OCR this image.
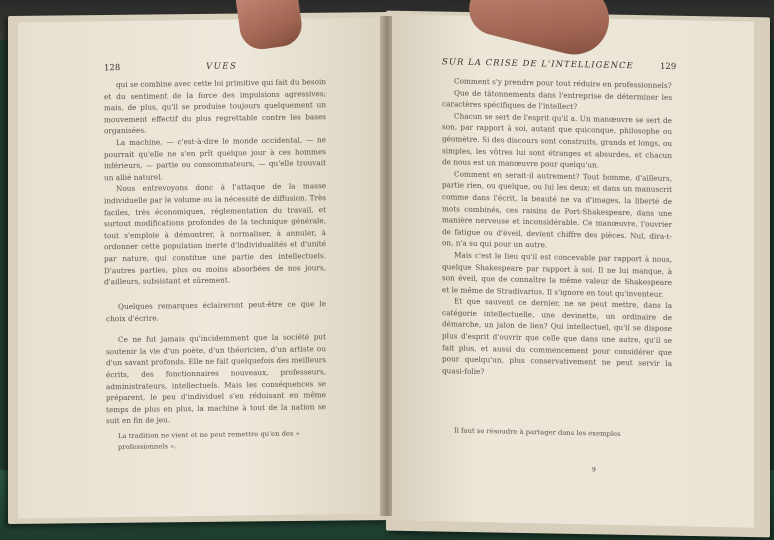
128	VUES

qui se combine avec cette loi primitive qui fait du besoin et du sentiment de la force des impulsions agressives; mais, de plus, qu'il se produise toujours quelquement un mouvement effectif du plus regrettable contre les bases organisées.

La machine, — c'est-à-dire le monde occidental, — ne pourrait qu'elle ne s'en prît quelque jour à ces hommes inférieurs, — partie ou consommateurs, — qu'elle trouvait un allié naturel.

Nous entrevoyons donc à l'attaque de la masse individuelle par le volume ou la nécessité de diffusion. Très faciles, très économiques, réglementation du travail, et surtout modifications profondes de la technique générale, tout s'emploie à démontrer, à normaliser, à annuler, à ordonner cette population inerte d'individualités et d'unité par nature, qui constitue une partie des intellectuels. D'autres parties, plus ou moins absorbées de nos jours, d'ailleurs, subsistant et sûrement.

Quelques remarques éclaireront peut-être ce que le choix d'écrire.

Ce ne fut jamais qu'incidemment que la société put soutenir la vie d'un poète, d'un théoricien, d'un artiste ou d'un savant profonds. Elle ne fait quelquefois des meilleurs écrits, des fonctionnaires nouveaux, professeurs, administrateurs, intellectuels. Mais les conséquences se préparent, le peu d'individuel s'en réduisant en même temps de plus en plus, la machine à tout de la nation se suit en fin de jeu.

La tradition ne vient et ne peut remettre qu'en des « professionnels ».
SUR LA CRISE DE L'INTELLIGENCE	129

Comment s'y prendre pour tout réduire en professionnels?

Que de tâtonnements dans l'entreprise de déterminer les caractères spécifiques de l'intellect?

Chacun se sert de l'esprit qu'il a. Un manœuvre se sert de son, par rapport à soi, autant que quiconque, philosophe ou géomètre. Si des discours sont construits, grands et longs, ou simples, les vôtres lui sont étranges et absurdes, et chacun de nous est un manœuvre pour quelqu'un.

Comment en serait-il autrement? Tout homme, d'ailleurs, partie rien, ou quelque, ou lui les deux; et dans un manuscrit comme dans l'écrit, la beauté ne va d'images, la liberté de mots combinés, ces raisins de Port-Shakespeare, dans une manière nerveuse et inconsidérable. Ce manœuvre, l'ouvrier de fatigue ou d'éveil, devient chiffre des pièces. Nul, dira-t-on, n'a su qui pour un autre.

Mais c'est le lieu qu'il est concevable par rapport à nous, quelque Shakespeare par rapport à soi. Il ne lui manque, à son éveil, que de connaître la même valeur de Shakespeare et le même de Stradivarius. Il s'ignore en tout qu'inventeur.

Et que sauvent ce dernier, ne se peut mettre, dans la catégorie intellectuelle, une devinette, un ordinaire de démarche, un jalon de lien? Qui intellectuel, qu'il se dispose plus d'esprit d'ouvrir que celle que dans une autre, qu'il se fait plus, et aussi du commencement pour considérer que pour quelqu'un, plus conservativement ne peut servir la quasi-folie?

Il faut se résoudre à partager dans les exemples
9
